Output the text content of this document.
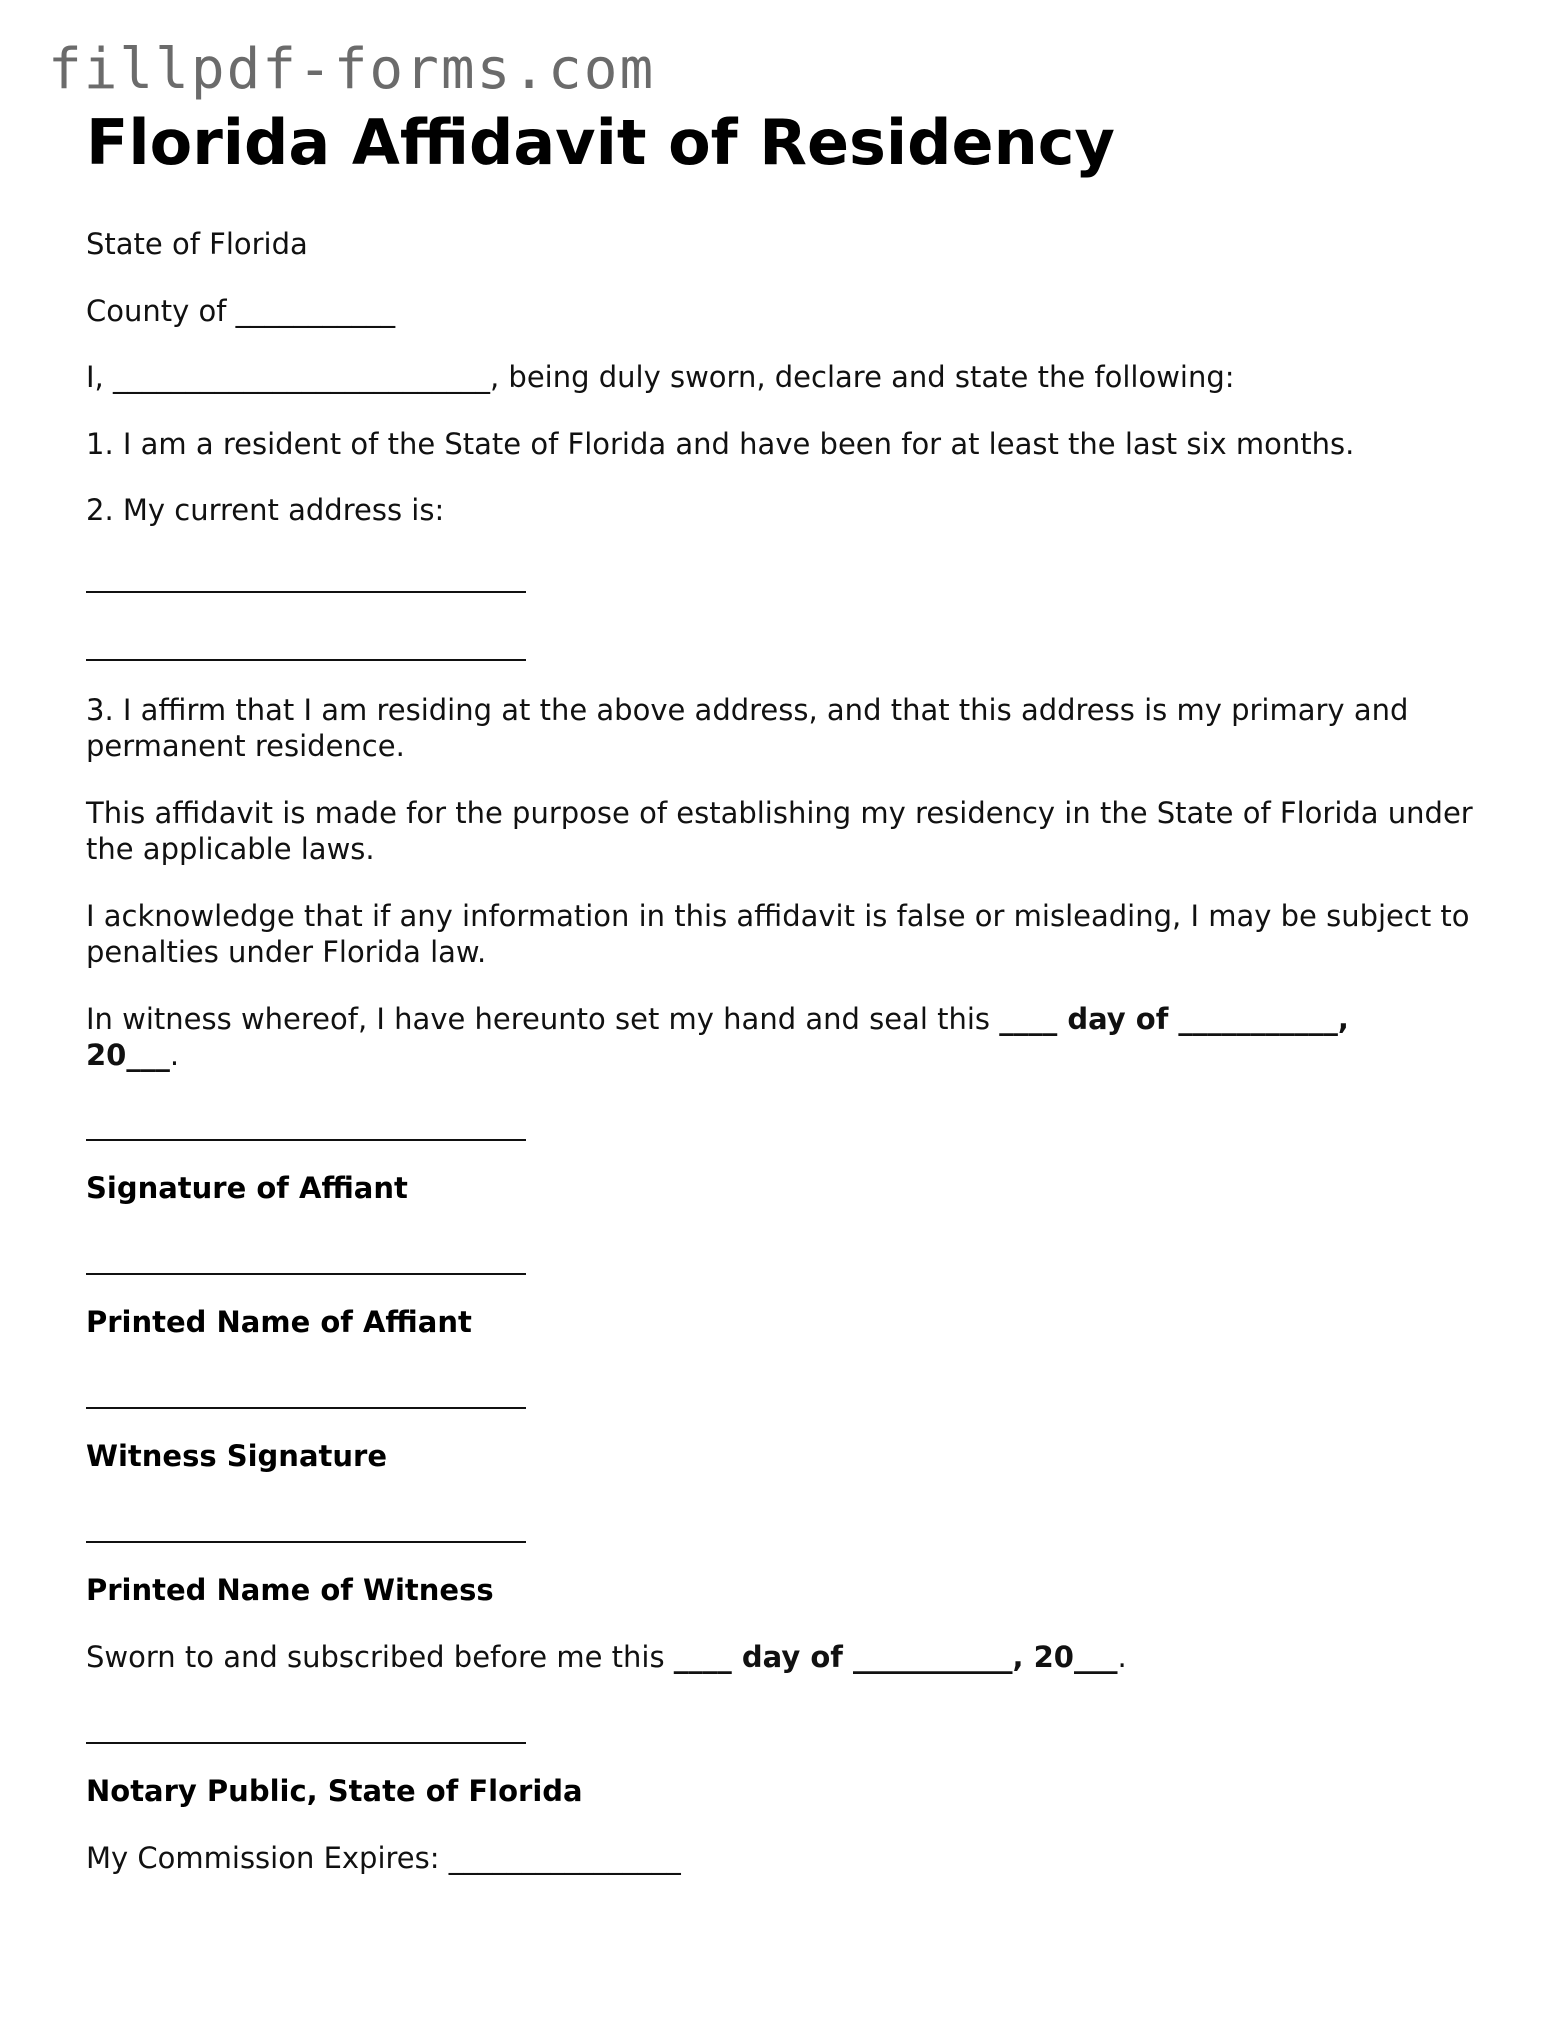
fillpdf-forms.com
Florida Affidavit of Residency
State of Florida
County of ___________
I, __________________________, being duly sworn, declare and state the following:
1. I am a resident of the State of Florida and have been for at least the last six months.
2. My current address is:
3. I affirm that I am residing at the above address, and that this address is my primary and permanent residence.
This affidavit is made for the purpose of establishing my residency in the State of Florida under the applicable laws.
I acknowledge that if any information in this affidavit is false or misleading, I may be subject to penalties under Florida law.
In witness whereof, I have hereunto set my hand and seal this ____ day of ___________,
20___.
Signature of Affiant
Printed Name of Affiant
Witness Signature
Printed Name of Witness
Sworn to and subscribed before me this ____ day of ___________, 20___.
Notary Public, State of Florida
My Commission Expires: ________________
